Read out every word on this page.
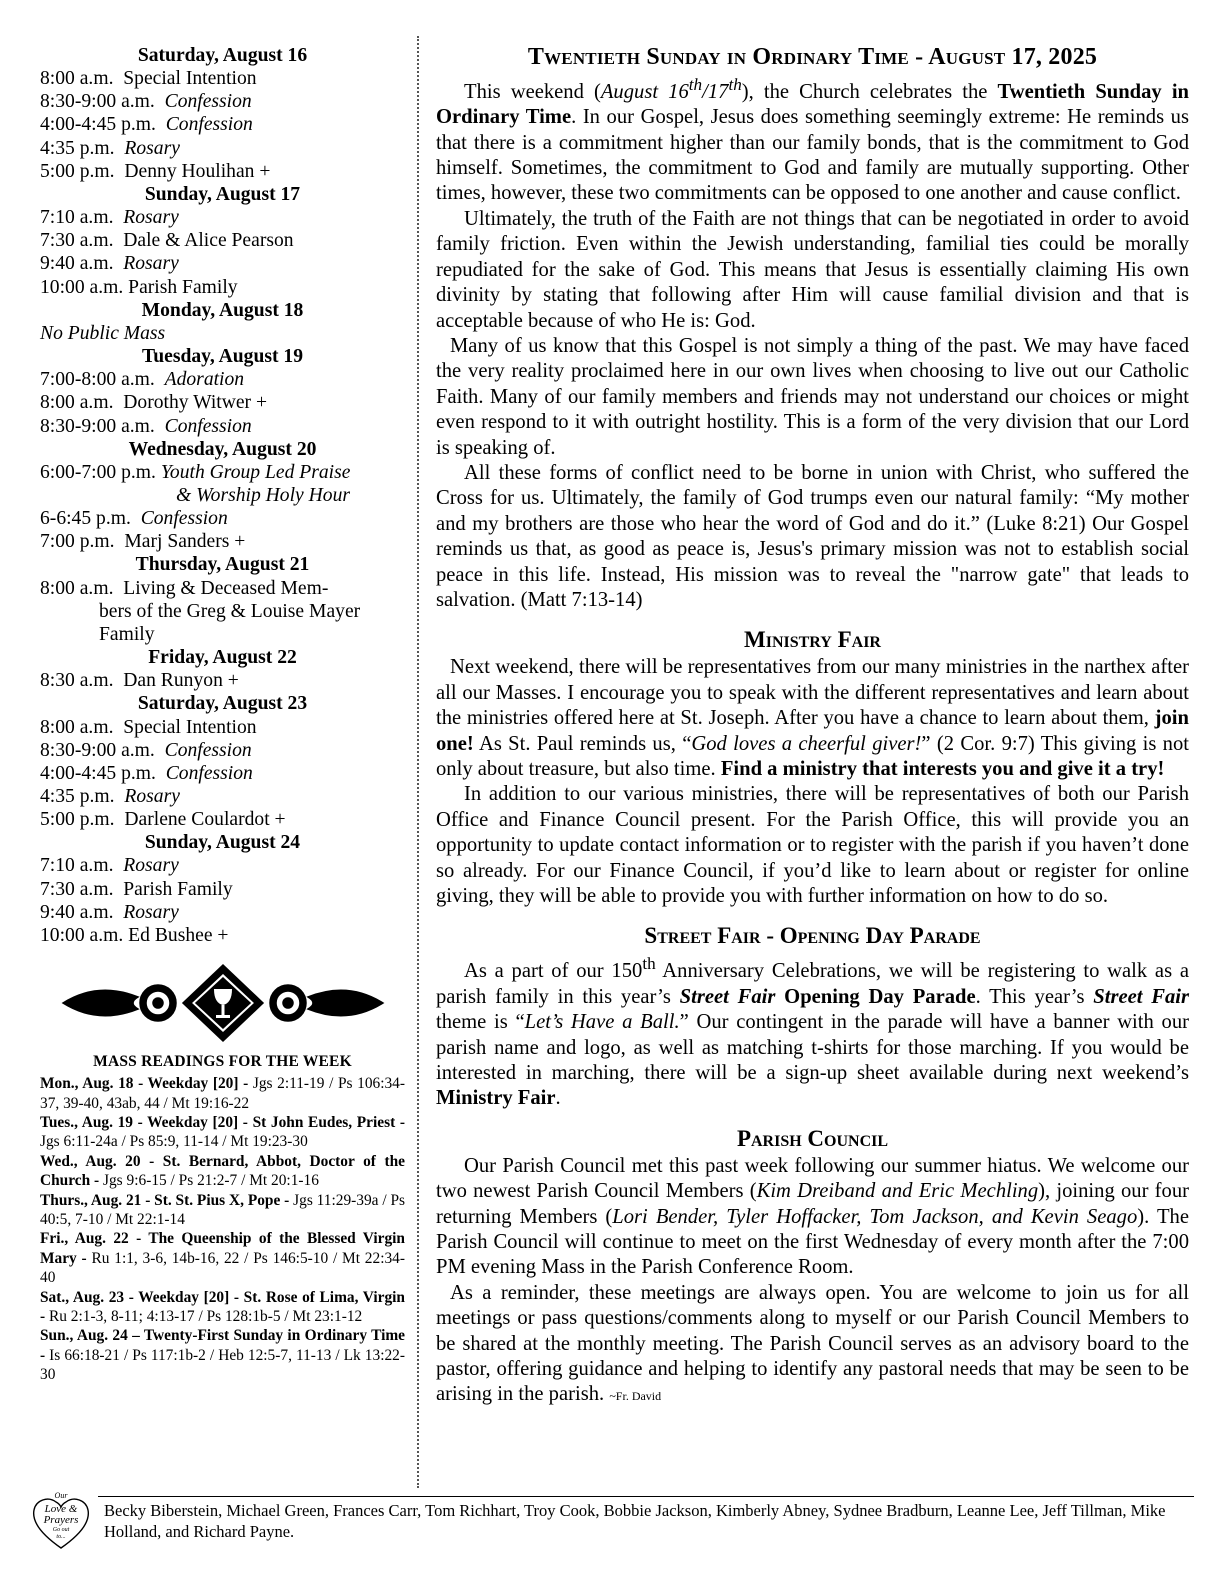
Saturday, August 16
8:00 a.m. Special Intention
8:30-9:00 a.m. Confession
4:00-4:45 p.m. Confession
4:35 p.m. Rosary
5:00 p.m. Denny Houlihan +
Sunday, August 17
7:10 a.m. Rosary
7:30 a.m. Dale & Alice Pearson
9:40 a.m. Rosary
10:00 a.m. Parish Family
Monday, August 18
No Public Mass
Tuesday, August 19
7:00-8:00 a.m. Adoration
8:00 a.m. Dorothy Witwer +
8:30-9:00 a.m. Confession
Wednesday, August 20
6:00-7:00 p.m. Youth Group Led Praise
& Worship Holy Hour
6-6:45 p.m. Confession
7:00 p.m. Marj Sanders +
Thursday, August 21
8:00 a.m. Living & Deceased Mem-
bers of the Greg & Louise Mayer
Family
Friday, August 22
8:30 a.m. Dan Runyon +
Saturday, August 23
8:00 a.m. Special Intention
8:30-9:00 a.m. Confession
4:00-4:45 p.m. Confession
4:35 p.m. Rosary
5:00 p.m. Darlene Coulardot +
Sunday, August 24
7:10 a.m. Rosary
7:30 a.m. Parish Family
9:40 a.m. Rosary
10:00 a.m. Ed Bushee +
MASS READINGS FOR THE WEEK
Mon., Aug. 18 - Weekday [20] - Jgs 2:11-19 / Ps 106:34-37, 39-40, 43ab, 44 / Mt 19:16-22
Tues., Aug. 19 - Weekday [20] - St John Eudes, Priest - Jgs 6:11-24a / Ps 85:9, 11-14 / Mt 19:23-30
Wed., Aug. 20 - St. Bernard, Abbot, Doctor of the Church - Jgs 9:6-15 / Ps 21:2-7 / Mt 20:1-16
Thurs., Aug. 21 - St. St. Pius X, Pope - Jgs 11:29-39a / Ps 40:5, 7-10 / Mt 22:1-14
Fri., Aug. 22 - The Queenship of the Blessed Virgin Mary - Ru 1:1, 3-6, 14b-16, 22 / Ps 146:5-10 / Mt 22:34-40
Sat., Aug. 23 - Weekday [20] - St. Rose of Lima, Virgin - Ru 2:1-3, 8-11; 4:13-17 / Ps 128:1b-5 / Mt 23:1-12
Sun., Aug. 24 – Twenty-First Sunday in Ordinary Time - Is 66:18-21 / Ps 117:1b-2 / Heb 12:5-7, 11-13 / Lk 13:22-30
Twentieth Sunday in Ordinary Time - August 17, 2025

This weekend (August 16th/17th), the Church celebrates the Twentieth Sunday in Ordinary Time. In our Gospel, Jesus does something seemingly extreme: He reminds us that there is a commitment higher than our family bonds, that is the commitment to God himself. Sometimes, the commitment to God and family are mutually supporting. Other times, however, these two commitments can be opposed to one another and cause conflict.

Ultimately, the truth of the Faith are not things that can be negotiated in order to avoid family friction. Even within the Jewish understanding, familial ties could be morally repudiated for the sake of God. This means that Jesus is essentially claiming His own divinity by stating that following after Him will cause familial division and that is acceptable because of who He is: God.

Many of us know that this Gospel is not simply a thing of the past. We may have faced the very reality proclaimed here in our own lives when choosing to live out our Catholic Faith. Many of our family members and friends may not understand our choices or might even respond to it with outright hostility. This is a form of the very division that our Lord is speaking of.

All these forms of conflict need to be borne in union with Christ, who suffered the Cross for us. Ultimately, the family of God trumps even our natural family: “My mother and my brothers are those who hear the word of God and do it.” (Luke 8:21) Our Gospel reminds us that, as good as peace is, Jesus's primary mission was not to establish social peace in this life. Instead, His mission was to reveal the "narrow gate" that leads to salvation. (Matt 7:13-14)

Ministry Fair

Next weekend, there will be representatives from our many ministries in the narthex after all our Masses. I encourage you to speak with the different representatives and learn about the ministries offered here at St. Joseph. After you have a chance to learn about them, join one! As St. Paul reminds us, “God loves a cheerful giver!” (2 Cor. 9:7) This giving is not only about treasure, but also time. Find a ministry that interests you and give it a try!

In addition to our various ministries, there will be representatives of both our Parish Office and Finance Council present. For the Parish Office, this will provide you an opportunity to update contact information or to register with the parish if you haven’t done so already. For our Finance Council, if you’d like to learn about or register for online giving, they will be able to provide you with further information on how to do so.

Street Fair - Opening Day Parade

As a part of our 150th Anniversary Celebrations, we will be registering to walk as a parish family in this year’s Street Fair Opening Day Parade. This year’s Street Fair theme is “Let’s Have a Ball.” Our contingent in the parade will have a banner with our parish name and logo, as well as matching t-shirts for those marching. If you would be interested in marching, there will be a sign-up sheet available during next weekend’s Ministry Fair.

Parish Council

Our Parish Council met this past week following our summer hiatus. We welcome our two newest Parish Council Members (Kim Dreiband and Eric Mechling), joining our four returning Members (Lori Bender, Tyler Hoffacker, Tom Jackson, and Kevin Seago). The Parish Council will continue to meet on the first Wednesday of every month after the 7:00 PM evening Mass in the Parish Conference Room.

As a reminder, these meetings are always open. You are welcome to join us for all meetings or pass questions/comments along to myself or our Parish Council Members to be shared at the monthly meeting. The Parish Council serves as an advisory board to the pastor, offering guidance and helping to identify any pastoral needs that may be seen to be arising in the parish. ~Fr. David

Our
Love &
Prayers
Go out
to...
Becky Biberstein, Michael Green, Frances Carr, Tom Richhart, Troy Cook, Bobbie Jackson, Kimberly Abney, Sydnee Bradburn, Leanne Lee, Jeff Tillman, Mike Holland, and Richard Payne.
